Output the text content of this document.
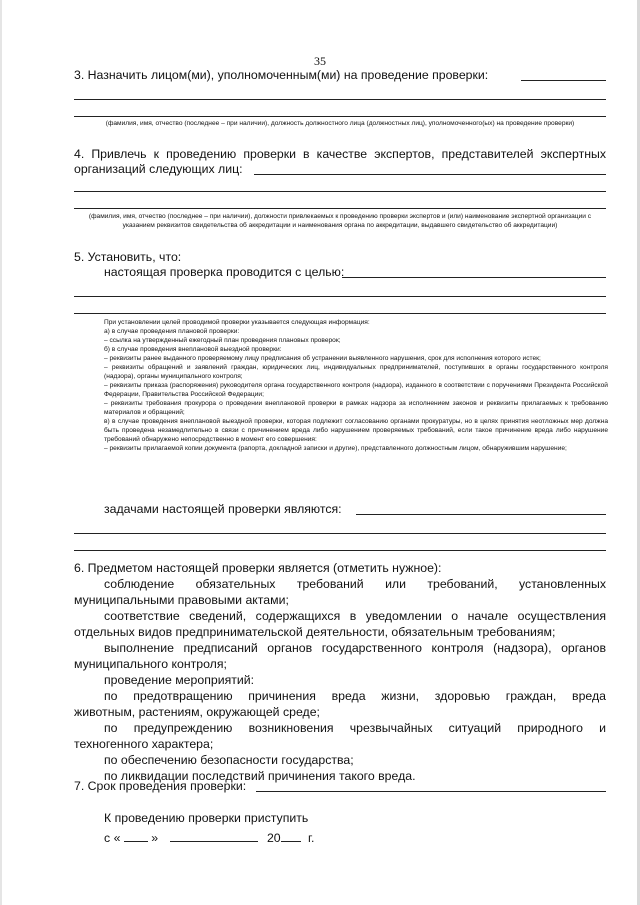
35
3. Назначить лицом(ми), уполномоченным(ми) на проведение проверки:
(фамилия, имя, отчество (последнее – при наличии), должность должностного лица (должностных лиц), уполномоченного(ых) на проведение проверки)
4. Привлечь к проведению проверки в качестве экспертов, представителей экспертных
организаций следующих лиц:
(фамилия, имя, отчество (последнее – при наличии), должности привлекаемых к проведению проверки экспертов и (или) наименование экспертной организации с указанием реквизитов свидетельства об аккредитации и наименования органа по аккредитации, выдавшего свидетельство об аккредитации)
5. Установить, что:
настоящая проверка проводится с целью:

При установлении целей проводимой проверки указывается следующая информация:

а) в случае проведения плановой проверки:

– ссылка на утвержденный ежегодный план проведения плановых проверок;

б) в случае проведения внеплановой выездной проверки:

– реквизиты ранее выданного проверяемому лицу предписания об устранении выявленного нарушения, срок для исполнения которого истек;

– реквизиты обращений и заявлений граждан, юридических лиц, индивидуальных предпринимателей, поступивших в органы государственного контроля (надзора), органы муниципального контроля;

– реквизиты приказа (распоряжения) руководителя органа государственного контроля (надзора), изданного в соответствии с поручениями Президента Российской Федерации, Правительства Российской Федерации;

– реквизиты требования прокурора о проведении внеплановой проверки в рамках надзора за исполнением законов и реквизиты прилагаемых к требованию материалов и обращений;

в) в случае проведения внеплановой выездной проверки, которая подлежит согласованию органами прокуратуры, но в целях принятия неотложных мер должна быть проведена незамедлительно в связи с причинением вреда либо нарушением проверяемых требований, если такое причинение вреда либо нарушение требований обнаружено непосредственно в момент его совершения:

– реквизиты прилагаемой копии документа (рапорта, докладной записки и другие), представленного должностным лицом, обнаружившим нарушение;

задачами настоящей проверки являются:
6. Предметом настоящей проверки является (отметить нужное):
соблюдение обязательных требований или требований, установленных
муниципальными правовыми актами;
соответствие сведений, содержащихся в уведомлении о начале осуществления
отдельных видов предпринимательской деятельности, обязательным требованиям;
выполнение предписаний органов государственного контроля (надзора), органов
муниципального контроля;
проведение мероприятий:
по предотвращению причинения вреда жизни, здоровью граждан, вреда
животным, растениям, окружающей среде;
по предупреждению возникновения чрезвычайных ситуаций природного и
техногенного характера;
по обеспечению безопасности государства;
по ликвидации последствий причинения такого вреда.
7. Срок проведения проверки:
К проведению проверки приступить
с «	»	20 г.
